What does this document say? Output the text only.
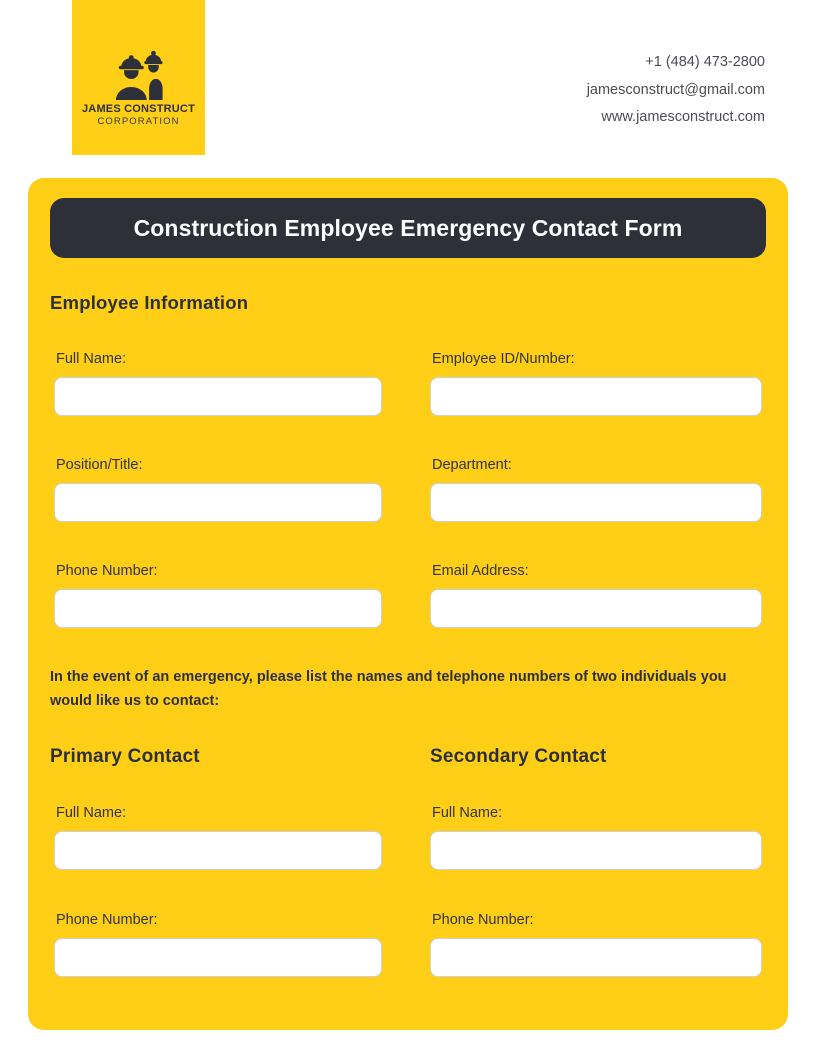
JAMES CONSTRUCT
CORPORATION
+1 (484) 473-2800
jamesconstruct@gmail.com
www.jamesconstruct.com
Construction Employee Emergency Contact Form
Employee Information
Full Name:	Employee ID/Number:
Position/Title:	Department:
Phone Number:	Email Address:

In the event of an emergency, please list the names and telephone numbers of two individuals you would like us to contact:

Primary Contact	Secondary Contact
Full Name:	Full Name:
Phone Number:	Phone Number:
